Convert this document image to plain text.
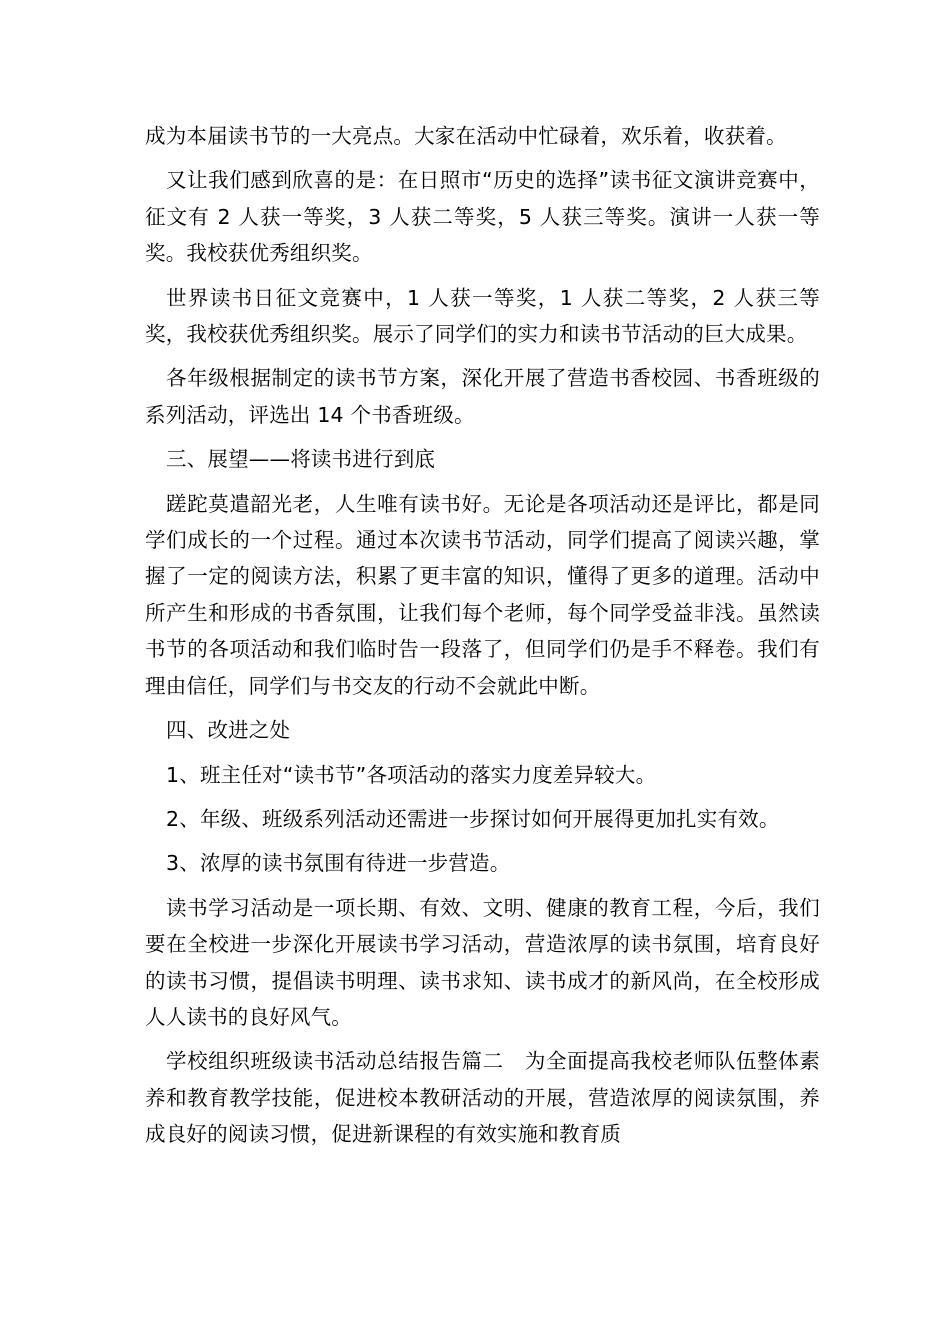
成为本届读书节的一大亮点。大家在活动中忙碌着，欢乐着，收获着。

又让我们感到欣喜的是：在日照市“历史的选择”读书征文演讲竞赛中，征文有 2 人获一等奖，3 人获二等奖，5 人获三等奖。演讲一人获一等奖。我校获优秀组织奖。

世界读书日征文竞赛中，1 人获一等奖，1 人获二等奖，2 人获三等奖，我校获优秀组织奖。展示了同学们的实力和读书节活动的巨大成果。

各年级根据制定的读书节方案，深化开展了营造书香校园、书香班级的系列活动，评选出 14 个书香班级。

三、展望——将读书进行到底

蹉跎莫遣韶光老，人生唯有读书好。无论是各项活动还是评比，都是同学们成长的一个过程。通过本次读书节活动，同学们提高了阅读兴趣，掌握了一定的阅读方法，积累了更丰富的知识，懂得了更多的道理。活动中所产生和形成的书香氛围，让我们每个老师，每个同学受益非浅。虽然读书节的各项活动和我们临时告一段落了，但同学们仍是手不释卷。我们有理由信任，同学们与书交友的行动不会就此中断。

四、改进之处

1、班主任对“读书节”各项活动的落实力度差异较大。

2、年级、班级系列活动还需进一步探讨如何开展得更加扎实有效。

3、浓厚的读书氛围有待进一步营造。

读书学习活动是一项长期、有效、文明、健康的教育工程，今后，我们要在全校进一步深化开展读书学习活动，营造浓厚的读书氛围，培育良好的读书习惯，提倡读书明理、读书求知、读书成才的新风尚，在全校形成人人读书的良好风气。

学校组织班级读书活动总结报告篇二　为全面提高我校老师队伍整体素养和教育教学技能，促进校本教研活动的开展，营造浓厚的阅读氛围，养成良好的阅读习惯，促进新课程的有效实施和教育质
